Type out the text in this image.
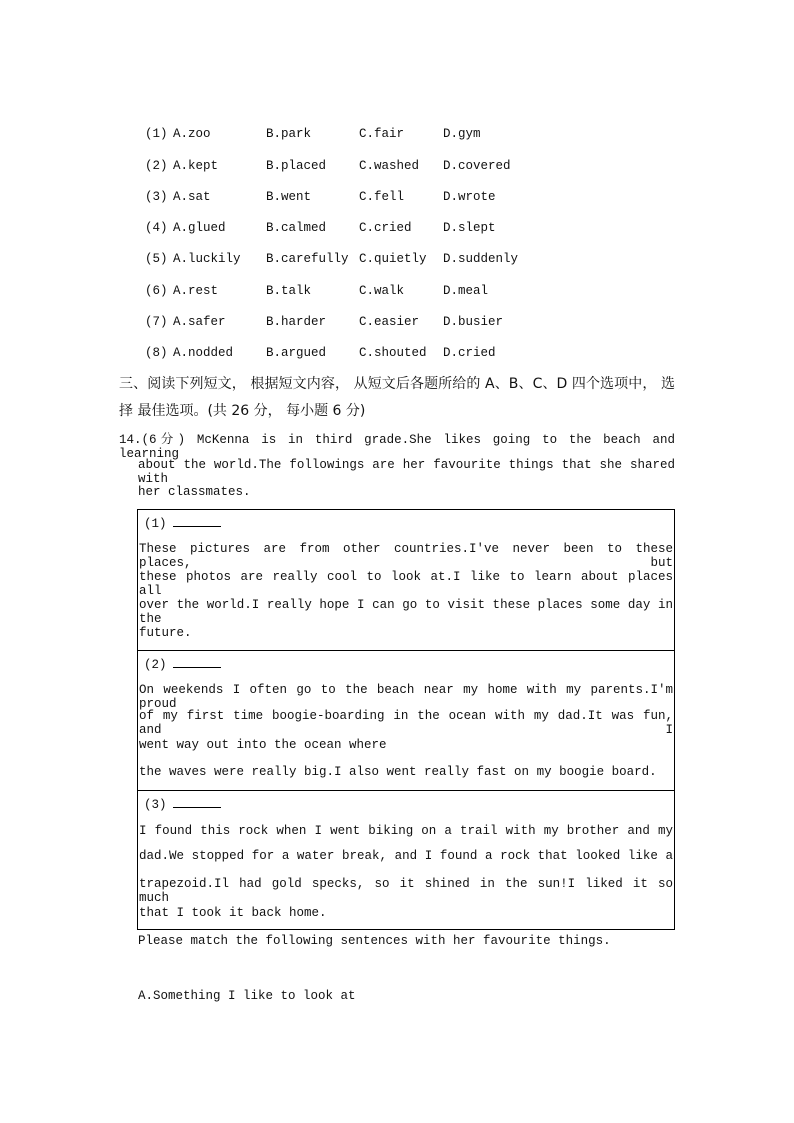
(1) A.zoo	B.park	C.fair	D.gym
(2) A.kept	B.placed	C.washed D.covered
(3) A.sat	B.went	C.fell	D.wrote
(4) A.glued	B.calmed	C.cried	D.slept
(5) A.luckily B.carefully C.quietly D.suddenly
(6) A.rest	B.talk	C.walk	D.meal
(7) A.safer	B.harder	C.easier D.busier
(8) A.nodded	B.argued	C.shouted D.cried
三、阅读下列短文， 根据短文内容， 从短文后各题所给的 A、B、C、D 四个选项中， 选
择 最佳选项。(共 26 分， 每小题 6 分)
14.(6分) McKenna is in third grade.She likes going to the beach and learning
about the world.The followings are her favourite things that she shared with
her classmates.
(1)
These pictures are from other countries.I've never been to these places, but
these photos are really cool to look at.I like to learn about places all
over the world.I really hope I can go to visit these places some day in the
future.
(2)
On weekends I often go to the beach near my home with my parents.I'm proud
of my first time boogie-boarding in the ocean with my dad.It was fun, and I
went way out into the ocean where
the waves were really big.I also went really fast on my boogie board.
(3)
I found this rock when I went biking on a trail with my brother and my
dad.We stopped for a water break, and I found a rock that looked like a
trapezoid.Il had gold specks, so it shined in the sun!I liked it so much
that I took it back home.
Please match the following sentences with her favourite things.
A.Something I like to look at
